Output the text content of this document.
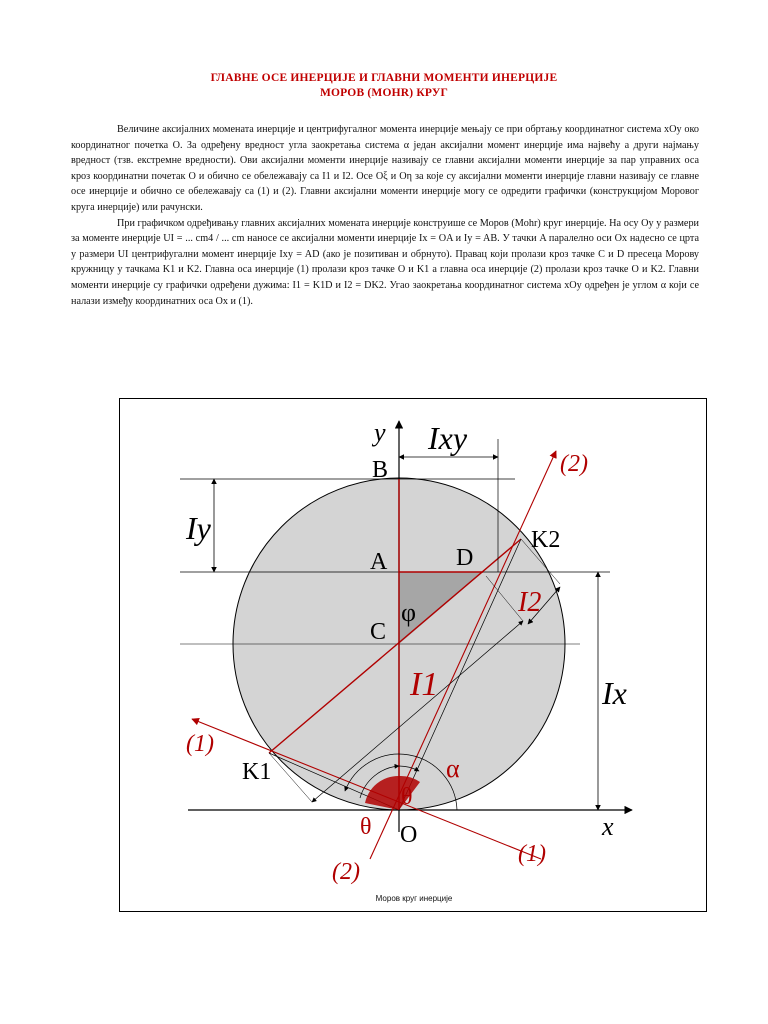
ГЛАВНЕ ОСЕ ИНЕРЦИЈЕ И ГЛАВНИ МОМЕНТИ ИНЕРЦИЈЕ
МОРОВ (MOHR) КРУГ

Величине аксијалних момената инерције и центрифугалног момента инерције мењају се при обртању координатног система xOy око координатног почетка O. За одређену вредност угла заокретања система α један аксијални момент инерције има највећу а други најмању вредност (тзв. екстремне вредности). Ови аксијални моменти инерције називају се главни аксијални моменти инерције за пар управних оса кроз координатни почетак O и обично се обележавају са I1 и I2. Осе Oξ и Oη за које су аксијални моменти инерције главни називају се главне осе инерције и обично се обележавају са (1) и (2). Главни аксијални моменти инерције могу се одредити графички (конструкцијом Моровог круга инерције) или рачунски.

При графичком одређивању главних аксијалних момената инерције конструише се Моров (Mohr) круг инерције. На осу Oy у размери за моменте инерције UI = ... cm4 / ... cm наносе се аксијални моменти инерције Ix = OA и Iy = AB. У тачки A паралелно оси Ox надесно се црта у размери UI центрифугални момент инерције Ixy = AD (ако је позитиван и обрнуто). Правац који пролази кроз тачке C и D пресеца Морову кружницу у тачкама K1 и K2. Главна оса инерције (1) пролази кроз тачке O и K1 а главна оса инерције (2) пролази кроз тачке O и K2. Главни моменти инерције су графички одређени дужима: I1 = K1D и I2 = DK2. Угао заокретања координатног система xOy одређен је углом α који се налази између координатних оса Ox и (1).

y
x
Ixy
Iy
Ix
B
A	D
C
K2
K1
O
φ
I1
I2
(1)
(1)
(2)
(2)
α
θ
θ
Моров круг инерције
